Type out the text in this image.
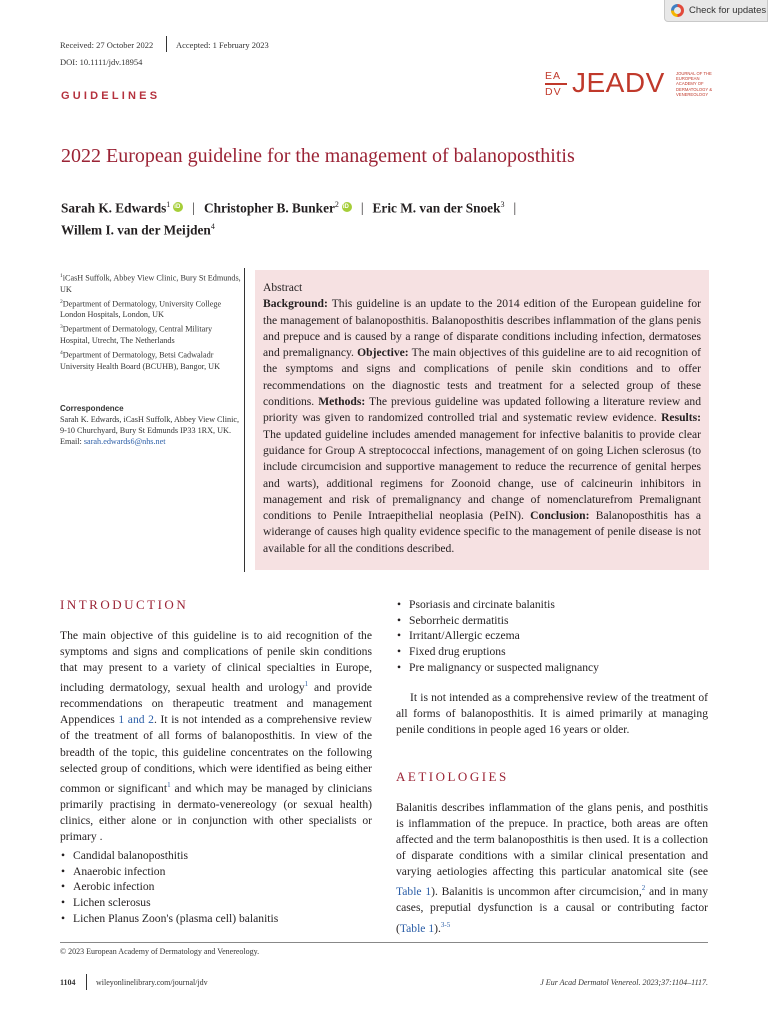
Check for updates
Received: 27 October 2022	Accepted: 1 February 2023
DOI: 10.1111/jdv.18954
EA
DV JEADV	JOURNAL OF THE EUROPEAN ACADEMY OF DERMATOLOGY & VENEREOLOGY
GUIDELINES
2022 European guideline for the management of balanoposthitis
Sarah K. Edwards$^1$ iD | Christopher B. Bunker$^2$ iD | Eric M. van der Snoek$^3$ |
Willem I. van der Meijden$^4$
$^1$iCasH Suffolk, Abbey View Clinic, Bury St Edmunds, UK
$^2$Department of Dermatology, University College London Hospitals, London, UK
$^3$Department of Dermatology, Central Military Hospital, Utrecht, The Netherlands
$^4$Department of Dermatology, Betsi Cadwaladr University Health Board (BCUHB), Bangor, UK
Correspondence
Sarah K. Edwards, iCasH Suffolk, Abbey View Clinic, 9-10 Churchyard, Bury St Edmunds IP33 1RX, UK.
Email: sarah.edwards6@nhs.net
Abstract
Background: This guideline is an update to the 2014 edition of the European guideline for the management of balanoposthitis. Balanoposthitis describes inflammation of the glans penis and prepuce and is caused by a range of disparate conditions including infection, dermatoses and premalignancy. Objective: The main objectives of this guideline are to aid recognition of the symptoms and signs and complications of penile skin conditions and to offer recommendations on the diagnostic tests and treatment for a selected group of these conditions. Methods: The previous guideline was updated following a literature review and priority was given to randomized controlled trial and systematic review evidence. Results: The updated guideline includes amended management for infective balanitis to provide clear guidance for Group A streptococcal infections, management of on going Lichen sclerosus (to include circumcision and supportive management to reduce the recurrence of genital herpes and warts), additional regimens for Zoonoid change, use of calcineurin inhibitors in management and risk of premalignancy and change of nomenclaturefrom Premalignant conditions to Penile Intraepithelial neoplasia (PeIN). Conclusion: Balanoposthitis has a widerange of causes high quality evidence specific to the management of penile disease is not available for all the conditions described.
INTRODUCTION
The main objective of this guideline is to aid recognition of the symptoms and signs and complications of penile skin conditions that may present to a variety of clinical specialties in Europe, including dermatology, sexual health and urology$^1$ and provide recommendations on therapeutic treatment and management Appendices 1 and 2. It is not intended as a comprehensive review of the treatment of all forms of balanoposthitis. In view of the breadth of the topic, this guideline concentrates on the following selected group of conditions, which were identified as being either common or significant$^1$ and which may be managed by clinicians primarily practising in dermato-venereology (or sexual health) clinics, either alone or in conjunction with other specialists or primary .
• Candidal balanoposthitis
• Anaerobic infection
• Aerobic infection
• Lichen sclerosus
• Lichen Planus Zoon's (plasma cell) balanitis
• Psoriasis and circinate balanitis
• Seborrheic dermatitis
• Irritant/Allergic eczema
• Fixed drug eruptions
• Pre malignancy or suspected malignancy
It is not intended as a comprehensive review of the treatment of all forms of balanoposthitis. It is aimed primarily at managing penile conditions in people aged 16 years or older.
AETIOLOGIES
Balanitis describes inflammation of the glans penis, and posthitis is inflammation of the prepuce. In practice, both areas are often affected and the term balanoposthitis is then used. It is a collection of disparate conditions with a similar clinical presentation and varying aetiologies affecting this particular anatomical site (see Table 1). Balanitis is uncommon after circumcision,$^2$ and in many cases, preputial dysfunction is a causal or contributing factor (Table 1).$^{3-5}$
© 2023 European Academy of Dermatology and Venereology.
1104	wileyonlinelibrary.com/journal/jdv	J Eur Acad Dermatol Venereol. 2023;37:1104–1117.
